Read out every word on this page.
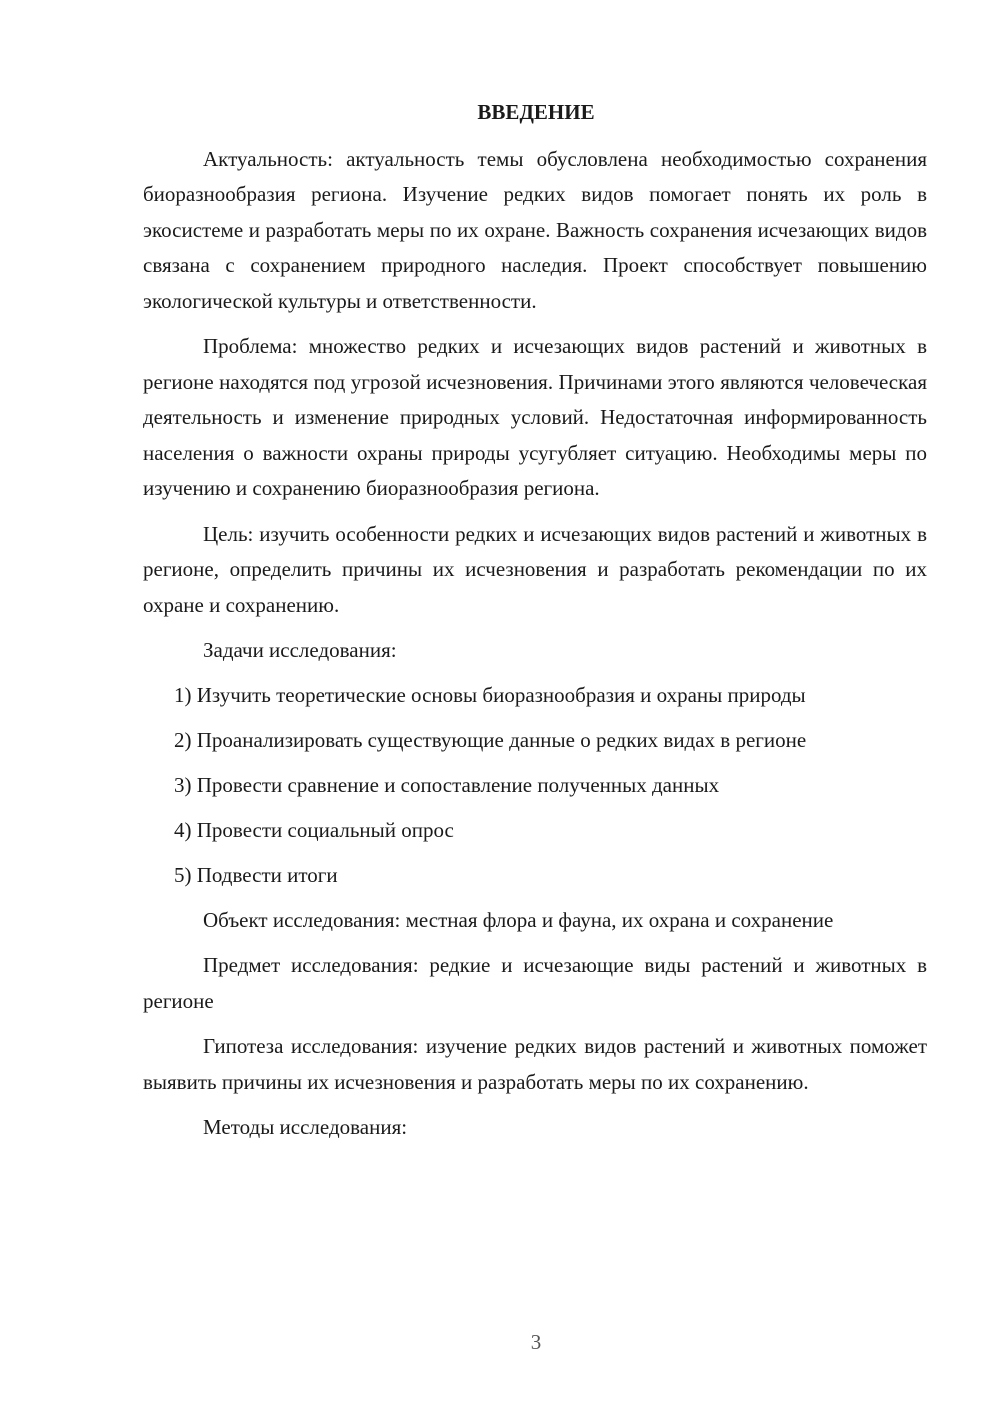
ВВЕДЕНИЕ

Актуальность: актуальность темы обусловлена необходимостью сохранения биоразнообразия региона. Изучение редких видов помогает понять их роль в экосистеме и разработать меры по их охране. Важность сохранения исчезающих видов связана с сохранением природного наследия. Проект способствует повышению экологической культуры и ответственности.

Проблема: множество редких и исчезающих видов растений и животных в регионе находятся под угрозой исчезновения. Причинами этого являются человеческая деятельность и изменение природных условий. Недостаточная информированность населения о важности охраны природы усугубляет ситуацию. Необходимы меры по изучению и сохранению биоразнообразия региона.

Цель: изучить особенности редких и исчезающих видов растений и животных в регионе, определить причины их исчезновения и разработать рекомендации по их охране и сохранению.

Задачи исследования:

1) Изучить теоретические основы биоразнообразия и охраны природы
2) Проанализировать существующие данные о редких видах в регионе
3) Провести сравнение и сопоставление полученных данных
4) Провести социальный опрос
5) Подвести итоги

Объект исследования: местная флора и фауна, их охрана и сохранение

Предмет исследования: редкие и исчезающие виды растений и животных в регионе

Гипотеза исследования: изучение редких видов растений и животных поможет выявить причины их исчезновения и разработать меры по их сохранению.

Методы исследования:

3
